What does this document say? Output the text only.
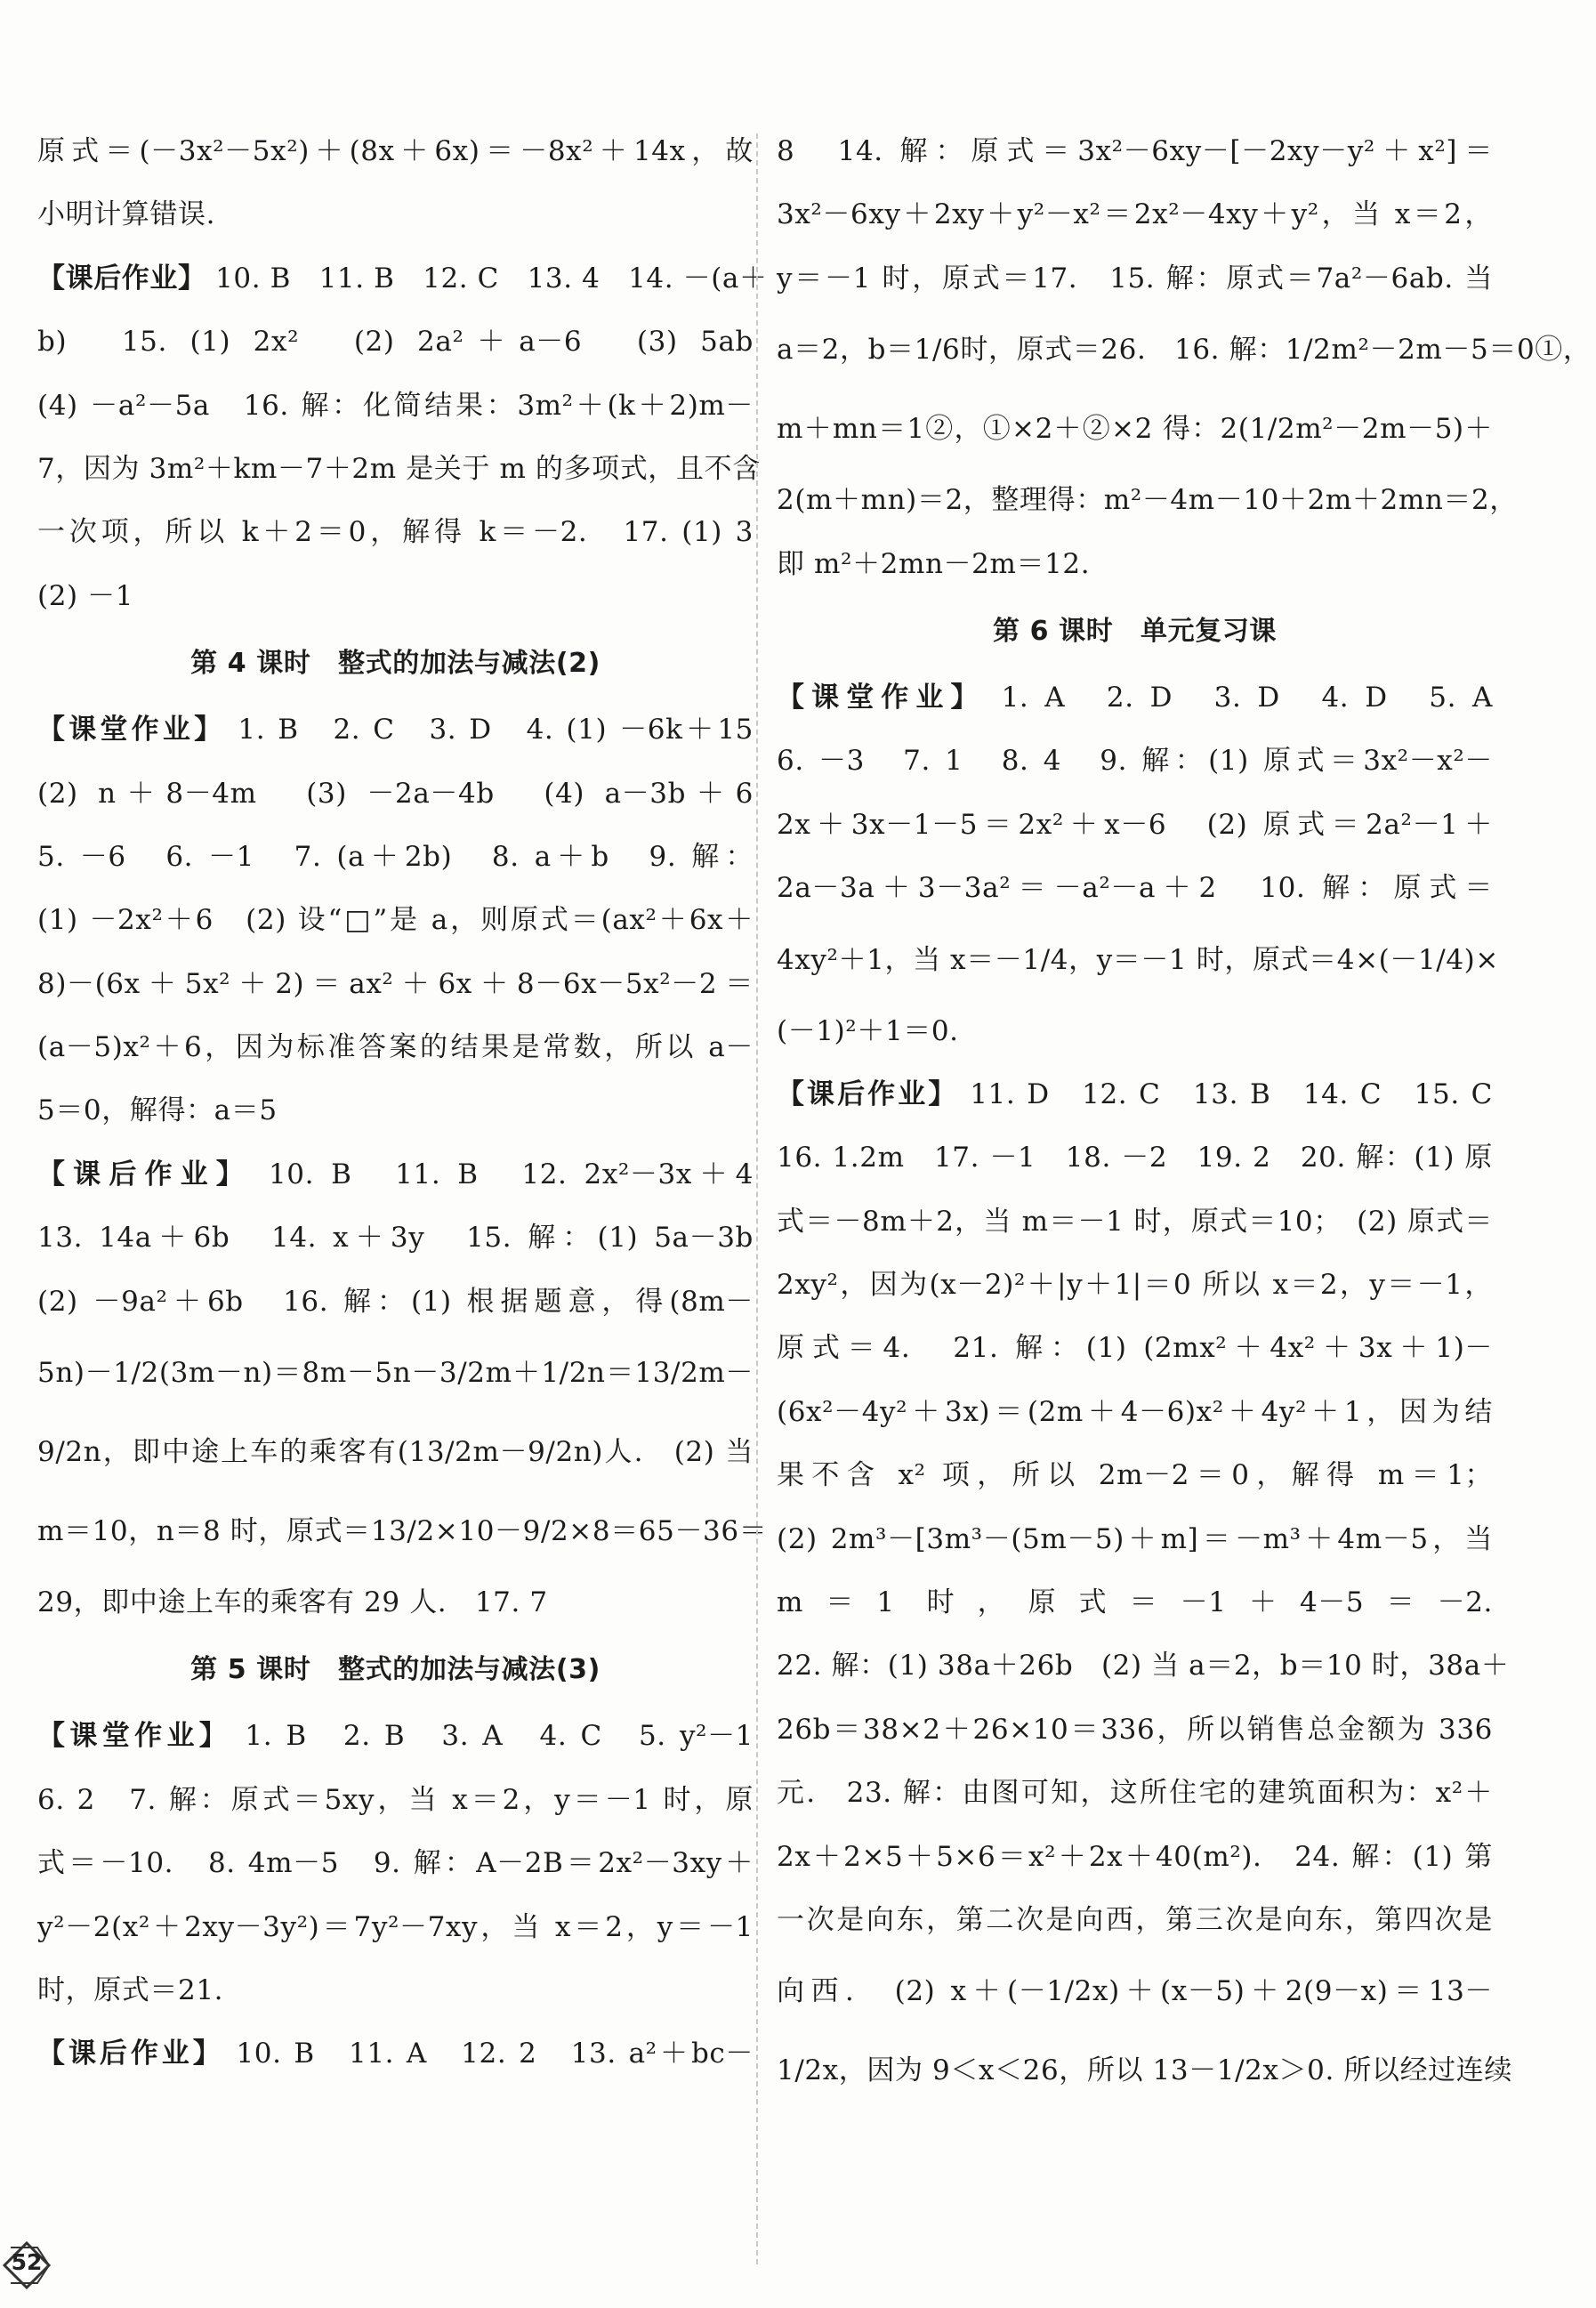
原式＝(－3x²－5x²)＋(8x＋6x)＝－8x²＋14x，故
小明计算错误.
【课后作业】 10. B　11. B　12. C　13. 4　14. －(a＋
b)　15. (1) 2x²　(2) 2a²＋a－6　(3) 5ab
(4) －a²－5a　16. 解：化简结果：3m²＋(k＋2)m－
7，因为 3m²＋km－7＋2m 是关于 m 的多项式，且不含
一次项，所以 k＋2＝0，解得 k＝－2.　17. (1) 3
(2) －1
第 4 课时　整式的加法与减法(2)
【课堂作业】 1. B　2. C　3. D　4. (1) －6k＋15
(2) n＋8－4m　(3) －2a－4b　(4) a－3b＋6
5. －6　6. －1　7. (a＋2b)　8. a＋b　9. 解：
(1) －2x²＋6　(2) 设“□”是 a，则原式＝(ax²＋6x＋
8)－(6x＋5x²＋2)＝ax²＋6x＋8－6x－5x²－2＝
(a－5)x²＋6，因为标准答案的结果是常数，所以 a－
5＝0，解得：a＝5
【课后作业】 10. B　11. B　12. 2x²－3x＋4
13. 14a＋6b　14. x＋3y　15. 解：(1) 5a－3b
(2) －9a²＋6b　16. 解：(1) 根据题意，得(8m－
5n)－1/2(3m－n)＝8m－5n－3/2m＋1/2n＝13/2m－
9/2n，即中途上车的乘客有(13/2m－9/2n)人.　(2) 当
m＝10，n＝8 时，原式＝13/2×10－9/2×8＝65－36＝
29，即中途上车的乘客有 29 人.　17. 7
第 5 课时　整式的加法与减法(3)
【课堂作业】 1. B　2. B　3. A　4. C　5. y²－1
6. 2　7. 解：原式＝5xy，当 x＝2，y＝－1 时，原
式＝－10.　8. 4m－5　9. 解：A－2B＝2x²－3xy＋
y²－2(x²＋2xy－3y²)＝7y²－7xy，当 x＝2，y＝－1
时，原式＝21.
【课后作业】 10. B　11. A　12. 2　13. a²＋bc－
8　14. 解：原式＝3x²－6xy－[－2xy－y²＋x²]＝
3x²－6xy＋2xy＋y²－x²＝2x²－4xy＋y²，当 x＝2，
y＝－1 时，原式＝17.　15. 解：原式＝7a²－6ab. 当
a＝2，b＝1/6时，原式＝26.　16. 解：1/2m²－2m－5＝0①，
m＋mn＝1②，①×2＋②×2 得：2(1/2m²－2m－5)＋
2(m＋mn)＝2，整理得：m²－4m－10＋2m＋2mn＝2，
即 m²＋2mn－2m＝12.
第 6 课时　单元复习课
【课堂作业】 1. A　2. D　3. D　4. D　5. A
6. －3　7. 1　8. 4　9. 解：(1) 原式＝3x²－x²－
2x＋3x－1－5＝2x²＋x－6　(2) 原式＝2a²－1＋
2a－3a＋3－3a²＝－a²－a＋2　10. 解：原式＝
4xy²＋1，当 x＝－1/4，y＝－1 时，原式＝4×(－1/4)×
(－1)²＋1＝0.
【课后作业】 11. D　12. C　13. B　14. C　15. C
16. 1.2m　17. －1　18. －2　19. 2　20. 解：(1) 原
式＝－8m＋2，当 m＝－1 时，原式＝10；　(2) 原式＝
2xy²，因为(x－2)²＋|y＋1|＝0 所以 x＝2，y＝－1，
原式＝4.　21. 解：(1) (2mx²＋4x²＋3x＋1)－
(6x²－4y²＋3x)＝(2m＋4－6)x²＋4y²＋1，因为结
果不含 x² 项，所以 2m－2＝0，解得 m＝1；
(2) 2m³－[3m³－(5m－5)＋m]＝－m³＋4m－5，当
m＝1 时，原式＝－1＋4－5＝－2.
22. 解：(1) 38a＋26b　(2) 当 a＝2，b＝10 时，38a＋
26b＝38×2＋26×10＝336，所以销售总金额为 336
元.　23. 解：由图可知，这所住宅的建筑面积为：x²＋
2x＋2×5＋5×6＝x²＋2x＋40(m²).　24. 解：(1) 第
一次是向东，第二次是向西，第三次是向东，第四次是
向西.　(2) x＋(－1/2x)＋(x－5)＋2(9－x)＝13－
1/2x，因为 9＜x＜26，所以 13－1/2x＞0. 所以经过连续
52
